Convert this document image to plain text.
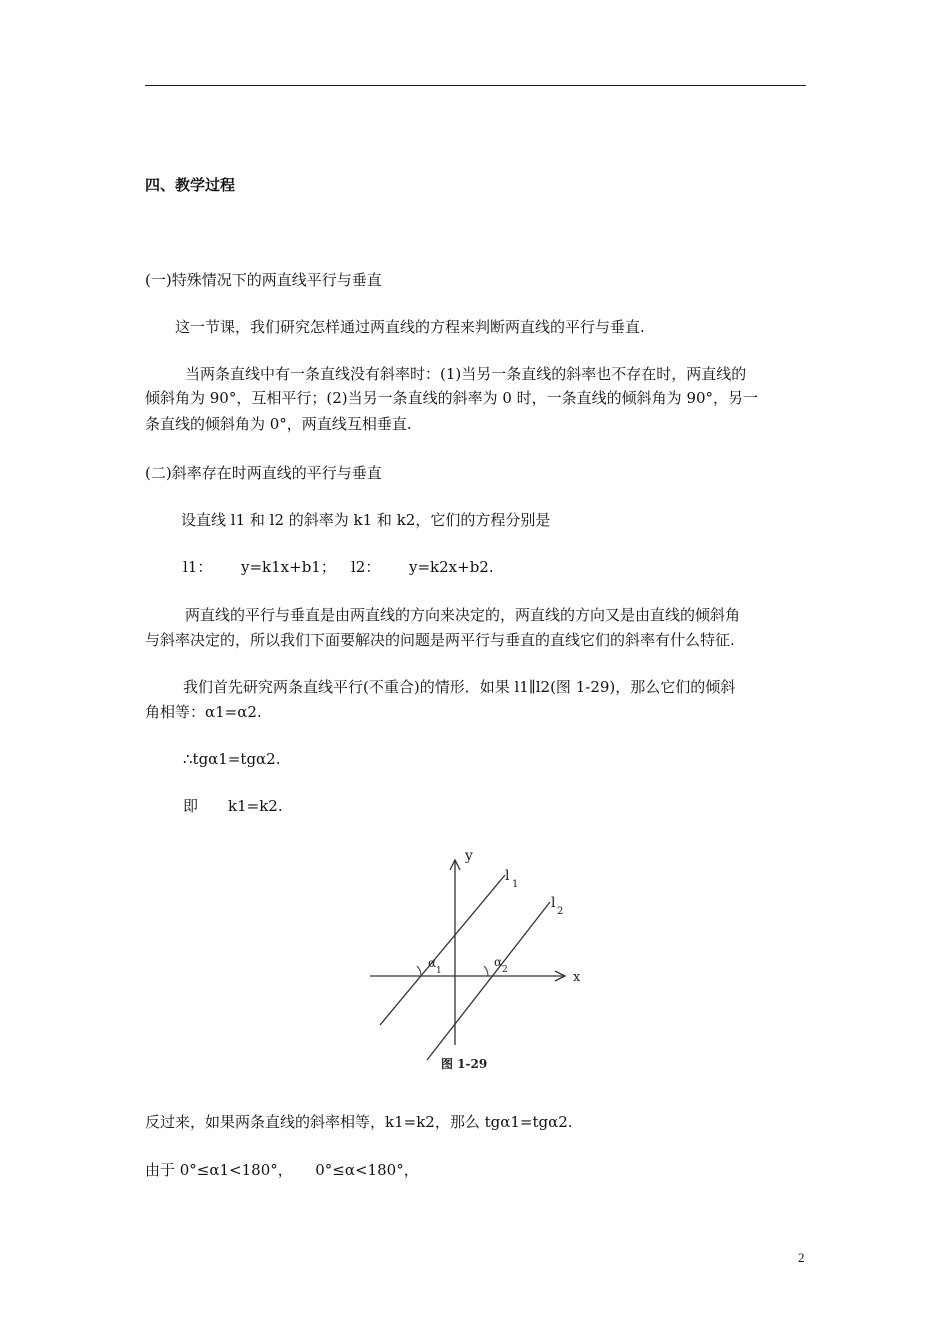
四、教学过程
(一)特殊情况下的两直线平行与垂直
这一节课，我们研究怎样通过两直线的方程来判断两直线的平行与垂直.
当两条直线中有一条直线没有斜率时：(1)当另一条直线的斜率也不存在时，两直线的
倾斜角为 90°，互相平行；(2)当另一条直线的斜率为 0 时，一条直线的倾斜角为 90°，另一
条直线的倾斜角为 0°，两直线互相垂直.
(二)斜率存在时两直线的平行与垂直
设直线 l1 和 l2 的斜率为 k1 和 k2，它们的方程分别是
l1： y=k1x+b1； l2： y=k2x+b2.
两直线的平行与垂直是由两直线的方向来决定的，两直线的方向又是由直线的倾斜角
与斜率决定的，所以我们下面要解决的问题是两平行与垂直的直线它们的斜率有什么特征.
我们首先研究两条直线平行(不重合)的情形．如果 l1∥l2(图 1-29)，那么它们的倾斜
角相等：α1=α2.
∴tgα1=tgα2.
即 k1=k2.
y
x
l
1
l
2
α
1
α
2
图 1-29
反过来，如果两条直线的斜率相等，k1=k2，那么 tgα1=tgα2.
由于 0°≤α1<180°，　　0°≤α<180°，
2
